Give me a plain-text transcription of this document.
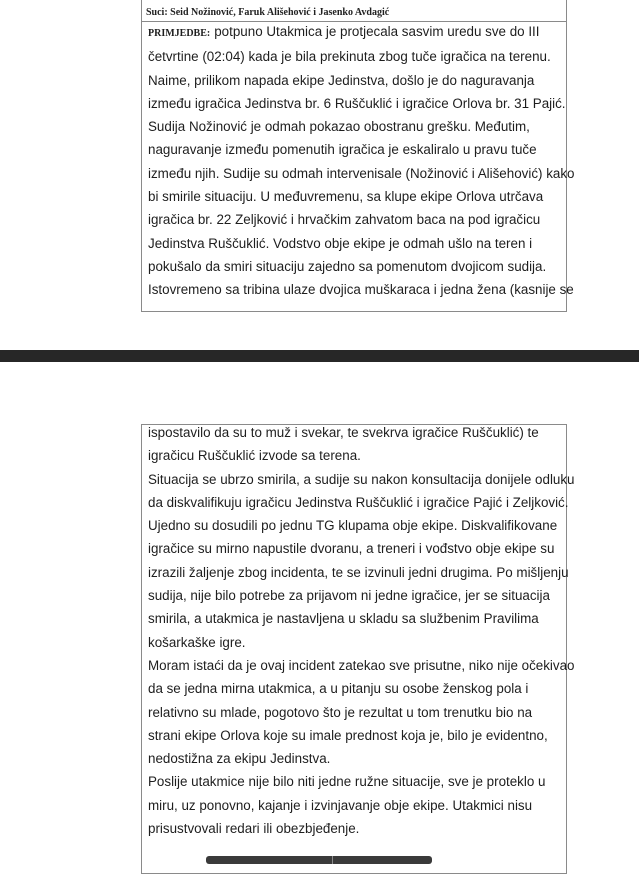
Suci: Seid Nožinović, Faruk Ališehović i Jasenko Avdagić
PRIMJEDBE: potpuno Utakmica je protjecala sasvim uredu sve do III
četvrtine (02:04) kada je bila prekinuta zbog tuče igračica na terenu.
Naime, prilikom napada ekipe Jedinstva, došlo je do naguravanja
između igračica Jedinstva br. 6 Ruščuklić i igračice Orlova br. 31 Pajić.
Sudija Nožinović je odmah pokazao obostranu grešku. Međutim,
naguravanje između pomenutih igračica je eskaliralo u pravu tuče
između njih. Sudije su odmah intervenisale (Nožinović i Ališehović) kako
bi smirile situaciju. U međuvremenu, sa klupe ekipe Orlova utrčava
igračica br. 22 Zeljković i hrvačkim zahvatom baca na pod igračicu
Jedinstva Ruščuklić. Vodstvo obje ekipe je odmah ušlo na teren i
pokušalo da smiri situaciju zajedno sa pomenutom dvojicom sudija.
Istovremeno sa tribina ulaze dvojica muškaraca i jedna žena (kasnije se
ispostavilo da su to muž i svekar, te svekrva igračice Ruščuklić) te
igračicu Ruščuklić izvode sa terena.
Situacija se ubrzo smirila, a sudije su nakon konsultacija donijele odluku
da diskvalifikuju igračicu Jedinstva Ruščuklić i igračice Pajić i Zeljković.
Ujedno su dosudili po jednu TG klupama obje ekipe. Diskvalifikovane
igračice su mirno napustile dvoranu, a treneri i vođstvo obje ekipe su
izrazili žaljenje zbog incidenta, te se izvinuli jedni drugima. Po mišljenju
sudija, nije bilo potrebe za prijavom ni jedne igračice, jer se situacija
smirila, a utakmica je nastavljena u skladu sa službenim Pravilima
košarkaške igre.
Moram istaći da je ovaj incident zatekao sve prisutne, niko nije očekivao
da se jedna mirna utakmica, a u pitanju su osobe ženskog pola i
relativno su mlade, pogotovo što je rezultat u tom trenutku bio na
strani ekipe Orlova koje su imale prednost koja je, bilo je evidentno,
nedostižna za ekipu Jedinstva.
Poslije utakmice nije bilo niti jedne ružne situacije, sve je proteklo u
miru, uz ponovno, kajanje i izvinjavanje obje ekipe. Utakmici nisu
prisustvovali redari ili obezbjeđenje.
